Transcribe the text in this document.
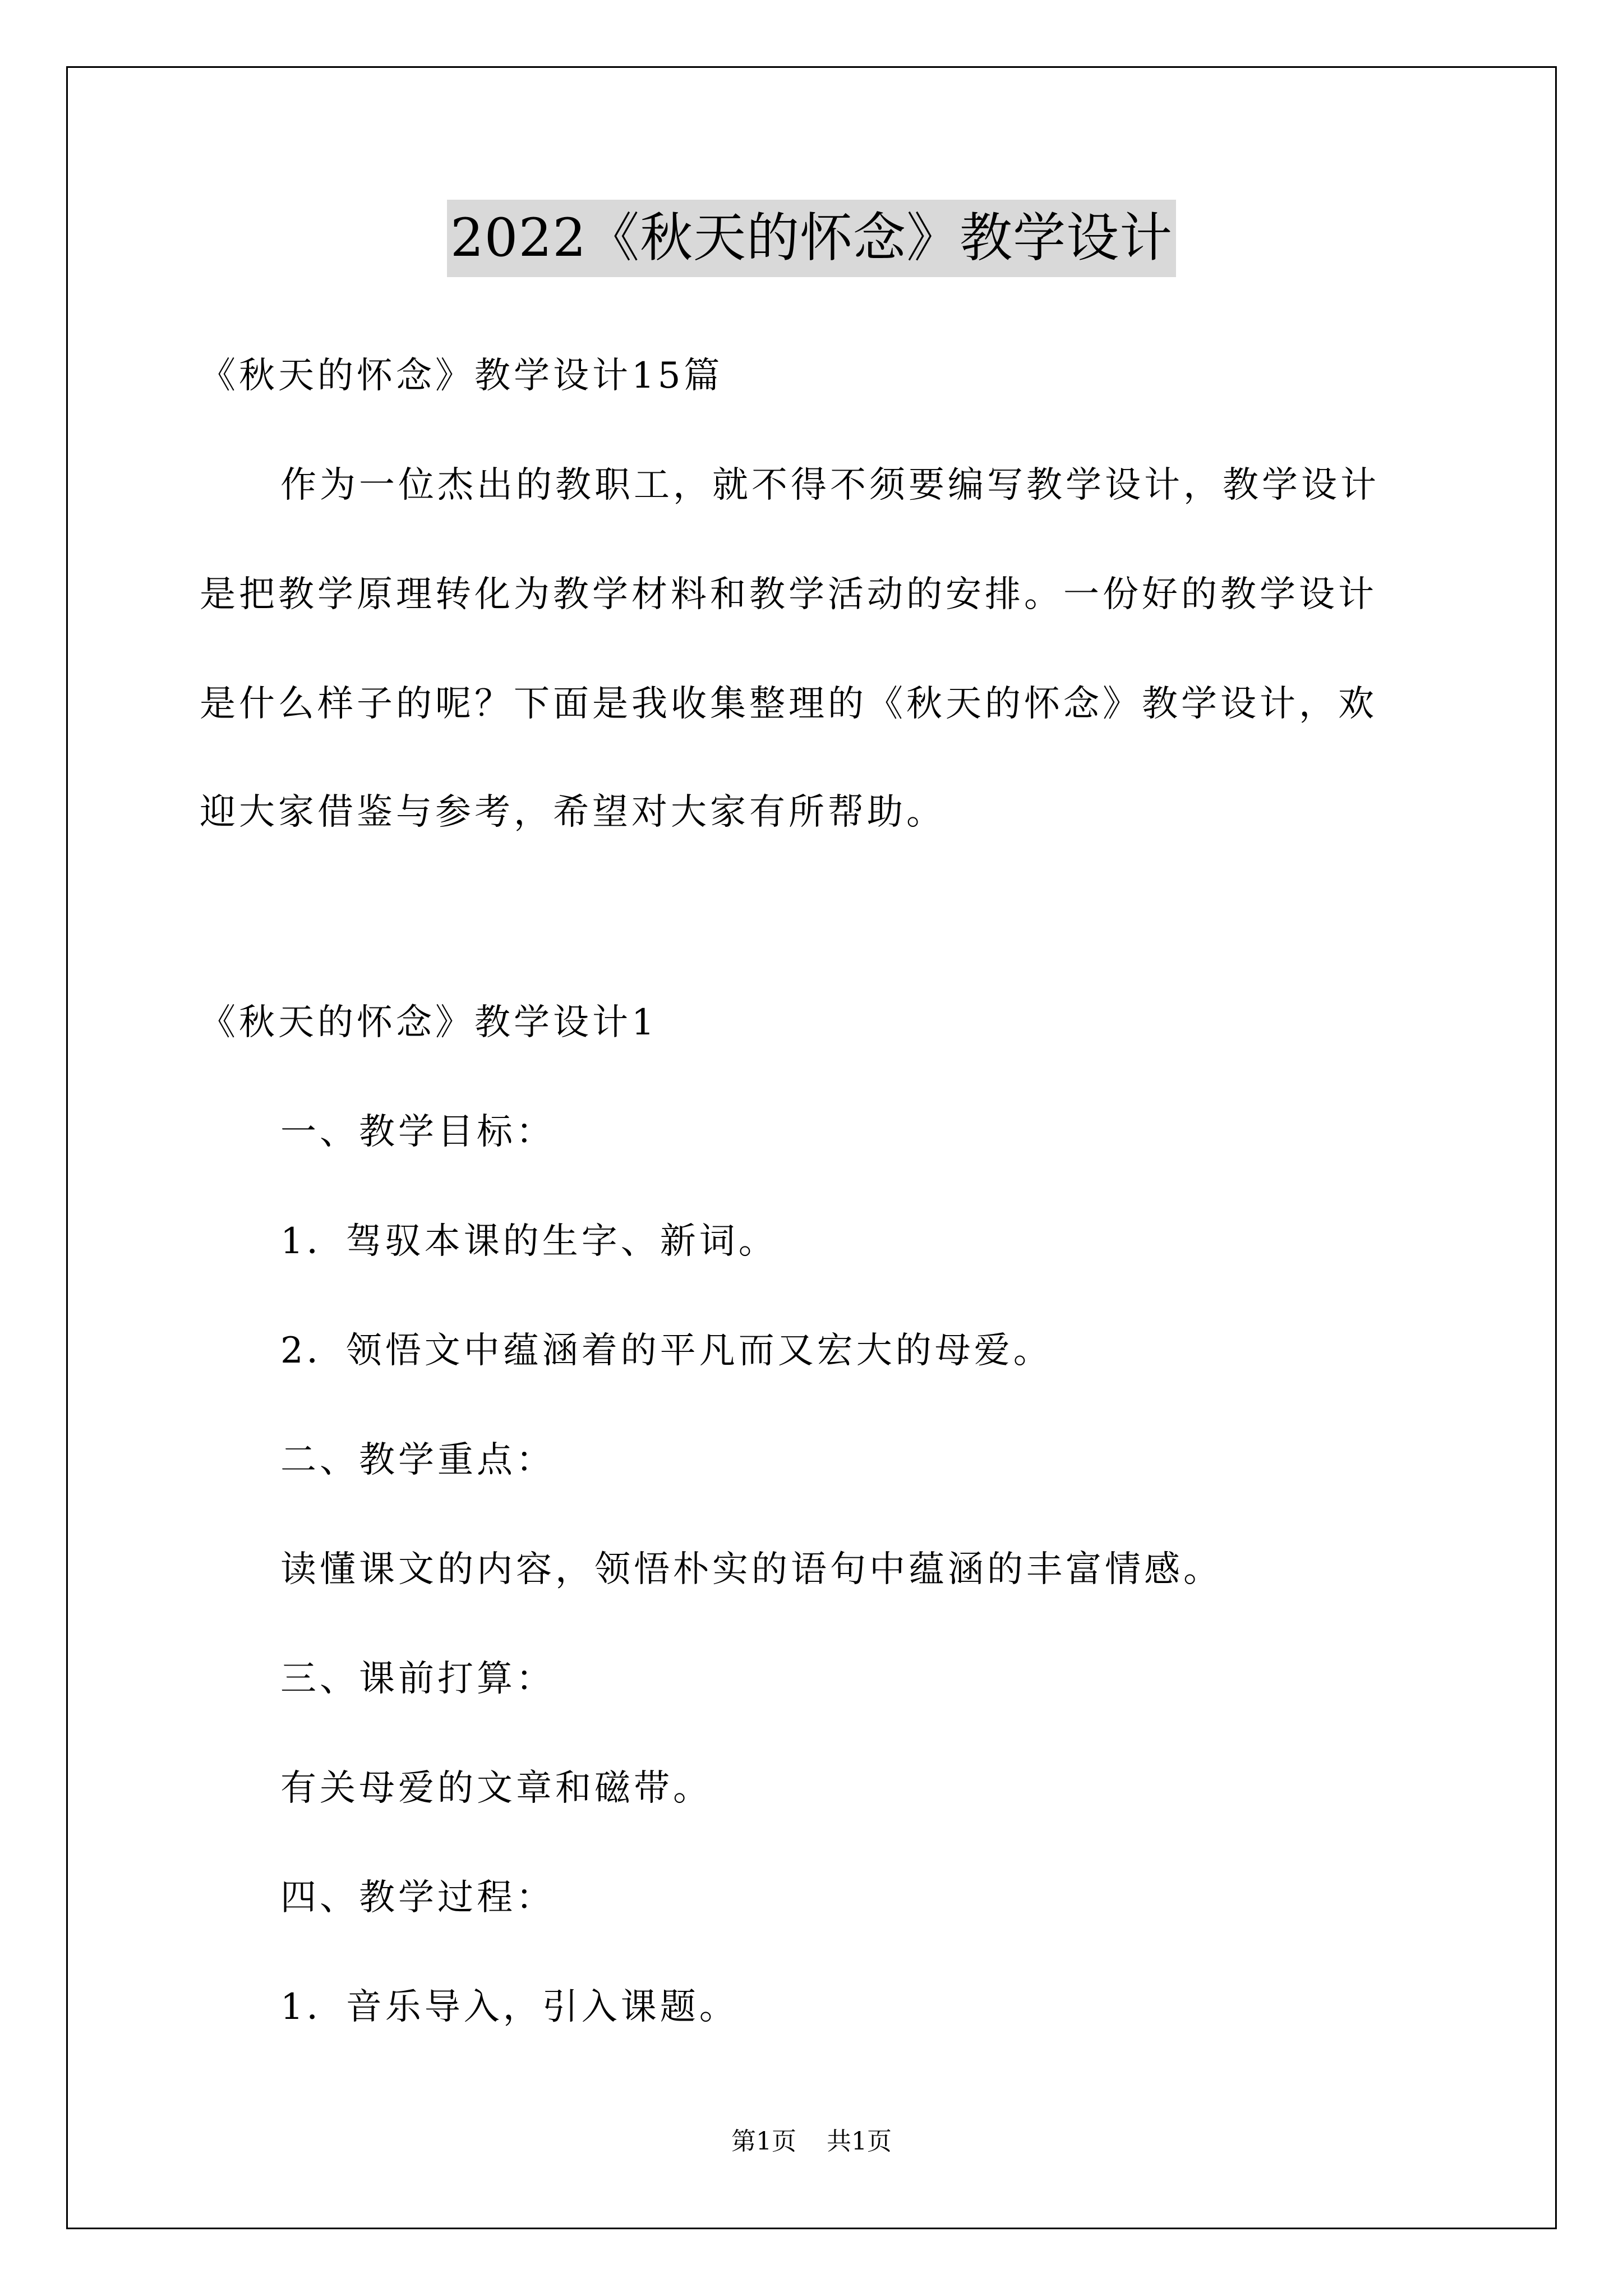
2022《秋天的怀念》教学设计
《秋天的怀念》教学设计15篇
作为一位杰出的教职工，就不得不须要编写教学设计，教学设计
是把教学原理转化为教学材料和教学活动的安排。一份好的教学设计
是什么样子的呢？下面是我收集整理的《秋天的怀念》教学设计，欢
迎大家借鉴与参考，希望对大家有所帮助。
《秋天的怀念》教学设计1
一、教学目标：
1．驾驭本课的生字、新词。
2．领悟文中蕴涵着的平凡而又宏大的母爱。
二、教学重点：
读懂课文的内容，领悟朴实的语句中蕴涵的丰富情感。
三、课前打算：
有关母爱的文章和磁带。
四、教学过程：
1．音乐导入，引入课题。
第1页 共1页
